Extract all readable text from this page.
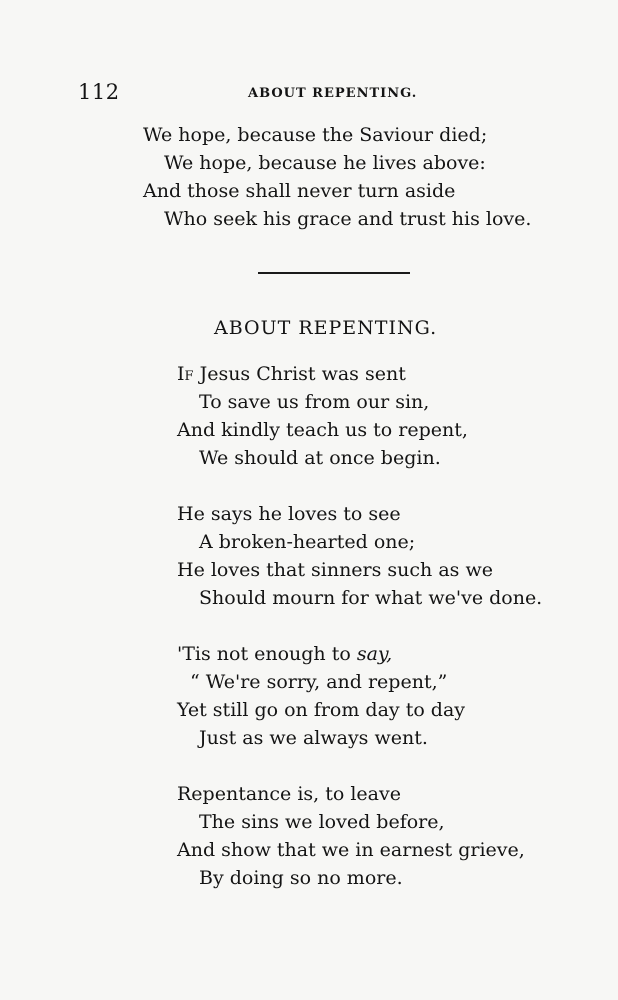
112	ABOUT REPENTING.
We hope, because the Saviour died;
We hope, because he lives above:
And those shall never turn aside
Who seek his grace and trust his love.
ABOUT REPENTING.
If Jesus Christ was sent
To save us from our sin,
And kindly teach us to repent,
We should at once begin.
He says he loves to see
A broken-hearted one;
He loves that sinners such as we
Should mourn for what we've done.
'Tis not enough to say,
“ We're sorry, and repent,”
Yet still go on from day to day
Just as we always went.
Repentance is, to leave
The sins we loved before,
And show that we in earnest grieve,
By doing so no more.
